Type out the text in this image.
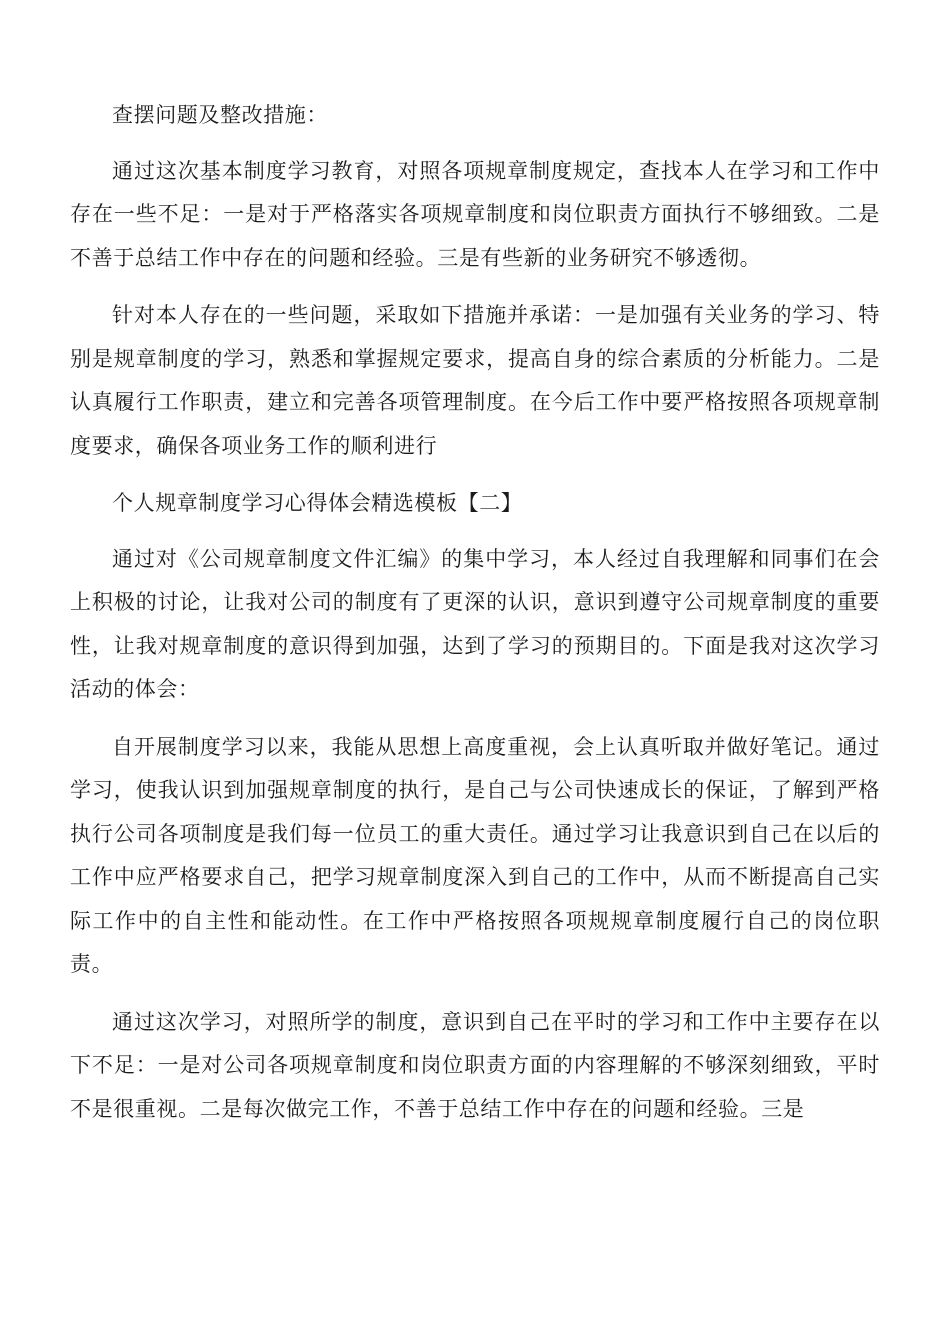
查摆问题及整改措施：

通过这次基本制度学习教育，对照各项规章制度规定，查找本人在学习和工作中存在一些不足：一是对于严格落实各项规章制度和岗位职责方面执行不够细致。二是不善于总结工作中存在的问题和经验。三是有些新的业务研究不够透彻。

针对本人存在的一些问题，采取如下措施并承诺：一是加强有关业务的学习、特别是规章制度的学习，熟悉和掌握规定要求，提高自身的综合素质的分析能力。二是认真履行工作职责，建立和完善各项管理制度。在今后工作中要严格按照各项规章制度要求，确保各项业务工作的顺利进行

个人规章制度学习心得体会精选模板【二】

通过对《公司规章制度文件汇编》的集中学习，本人经过自我理解和同事们在会上积极的讨论，让我对公司的制度有了更深的认识，意识到遵守公司规章制度的重要性，让我对规章制度的意识得到加强，达到了学习的预期目的。下面是我对这次学习活动的体会：

自开展制度学习以来，我能从思想上高度重视，会上认真听取并做好笔记。通过学习，使我认识到加强规章制度的执行，是自己与公司快速成长的保证，了解到严格执行公司各项制度是我们每一位员工的重大责任。通过学习让我意识到自己在以后的工作中应严格要求自己，把学习规章制度深入到自己的工作中，从而不断提高自己实际工作中的自主性和能动性。在工作中严格按照各项规规章制度履行自己的岗位职责。

通过这次学习，对照所学的制度，意识到自己在平时的学习和工作中主要存在以下不足：一是对公司各项规章制度和岗位职责方面的内容理解的不够深刻细致，平时不是很重视。二是每次做完工作，不善于总结工作中存在的问题和经验。三是
